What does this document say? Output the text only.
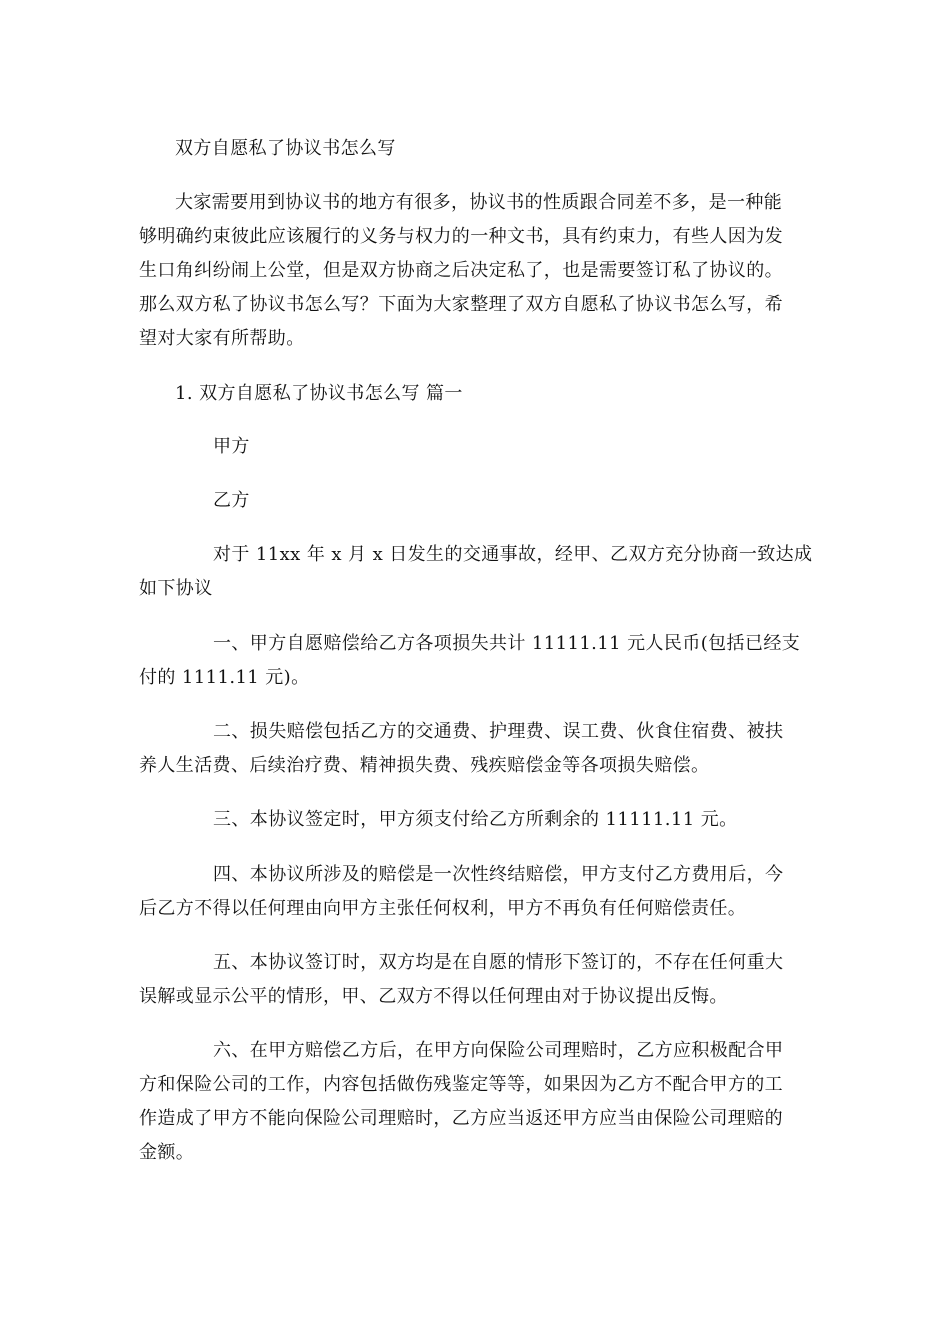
双方自愿私了协议书怎么写
大家需要用到协议书的地方有很多，协议书的性质跟合同差不多，是一种能
够明确约束彼此应该履行的义务与权力的一种文书，具有约束力，有些人因为发
生口角纠纷闹上公堂，但是双方协商之后决定私了，也是需要签订私了协议的。
那么双方私了协议书怎么写？下面为大家整理了双方自愿私了协议书怎么写，希
望对大家有所帮助。
1. 双方自愿私了协议书怎么写 篇一
甲方
乙方
对于 11xx 年 x 月 x 日发生的交通事故，经甲、乙双方充分协商一致达成
如下协议
一、甲方自愿赔偿给乙方各项损失共计 11111.11 元人民币(包括已经支
付的 1111.11 元)。
二、损失赔偿包括乙方的交通费、护理费、误工费、伙食住宿费、被扶
养人生活费、后续治疗费、精神损失费、残疾赔偿金等各项损失赔偿。
三、本协议签定时，甲方须支付给乙方所剩余的 11111.11 元。
四、本协议所涉及的赔偿是一次性终结赔偿，甲方支付乙方费用后，今
后乙方不得以任何理由向甲方主张任何权利，甲方不再负有任何赔偿责任。
五、本协议签订时，双方均是在自愿的情形下签订的，不存在任何重大
误解或显示公平的情形，甲、乙双方不得以任何理由对于协议提出反悔。
六、在甲方赔偿乙方后，在甲方向保险公司理赔时，乙方应积极配合甲
方和保险公司的工作，内容包括做伤残鉴定等等，如果因为乙方不配合甲方的工
作造成了甲方不能向保险公司理赔时，乙方应当返还甲方应当由保险公司理赔的
金额。
